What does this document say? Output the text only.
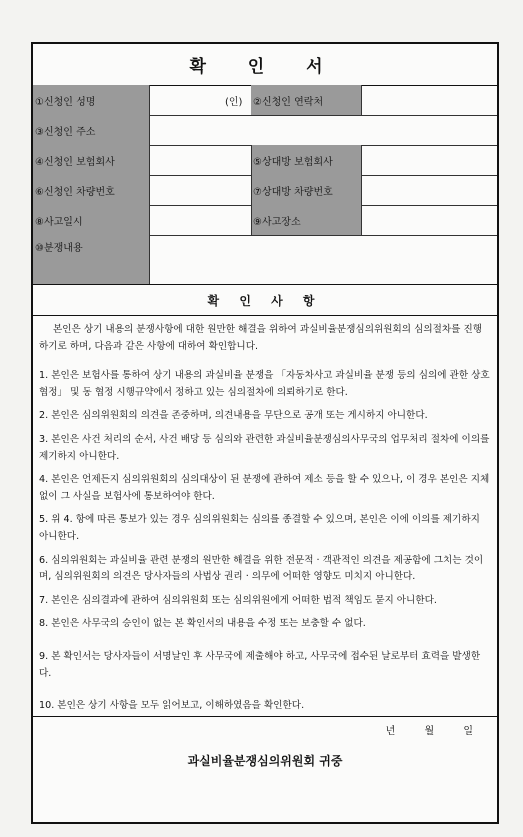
확 인 서
①신청인 성명	(인)	②신청인 연락처
③신청인 주소
④신청인 보험회사	⑤상대방 보험회사
⑥신청인 차량번호	⑦상대방 차량번호
⑧사고일시	⑨사고장소
⑩분쟁내용
확 인 사 항

본인은 상기 내용의 분쟁사항에 대한 원만한 해결을 위하여 과실비율분쟁심의위원회의 심의절차를 진행하기로 하며, 다음과 같은 사항에 대하여 확인합니다.

1. 본인은 보험사를 통하여 상기 내용의 과실비율 분쟁을 「자동차사고 과실비율 분쟁 등의 심의에 관한 상호협정」 및 동 협정 시행규약에서 정하고 있는 심의절차에 의뢰하기로 한다.

2. 본인은 심의위원회의 의견을 존중하며, 의견내용을 무단으로 공개 또는 게시하지 아니한다.

3. 본인은 사건 처리의 순서, 사건 배당 등 심의와 관련한 과실비율분쟁심의사무국의 업무처리 절차에 이의를 제기하지 아니한다.

4. 본인은 언제든지 심의위원회의 심의대상이 된 분쟁에 관하여 제소 등을 할 수 있으나, 이 경우 본인은 지체없이 그 사실을 보험사에 통보하여야 한다.

5. 위 4. 항에 따른 통보가 있는 경우 심의위원회는 심의를 종결할 수 있으며, 본인은 이에 이의를 제기하지 아니한다.

6. 심의위원회는 과실비율 관련 분쟁의 원만한 해결을 위한 전문적 · 객관적인 의견을 제공함에 그치는 것이며, 심의위원회의 의견은 당사자들의 사법상 권리 · 의무에 어떠한 영향도 미치지 아니한다.

7. 본인은 심의결과에 관하여 심의위원회 또는 심의위원에게 어떠한 법적 책임도 묻지 아니한다.

8. 본인은 사무국의 승인이 없는 본 확인서의 내용을 수정 또는 보충할 수 없다.

9. 본 확인서는 당사자들이 서명날인 후 사무국에 제출해야 하고, 사무국에 접수된 날로부터 효력을 발생한다.

10. 본인은 상기 사항을 모두 읽어보고, 이해하였음을 확인한다.

년 월 일
과실비율분쟁심의위원회 귀중
